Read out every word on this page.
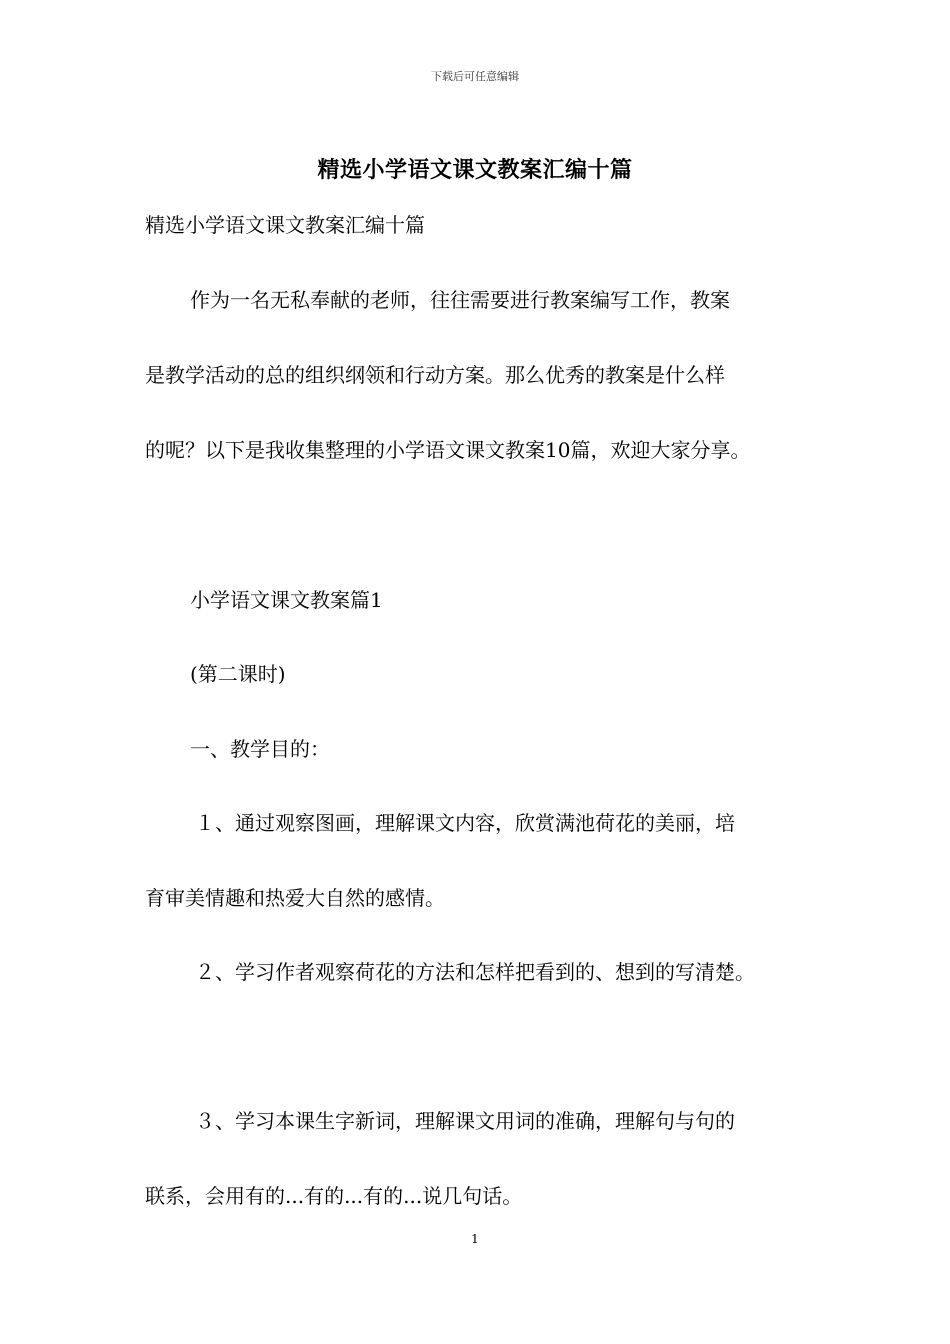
下载后可任意编辑
精选小学语文课文教案汇编十篇
精选小学语文课文教案汇编十篇
作为一名无私奉献的老师，往往需要进行教案编写工作，教案
是教学活动的总的组织纲领和行动方案。那么优秀的教案是什么样
的呢？以下是我收集整理的小学语文课文教案10篇，欢迎大家分享。
小学语文课文教案篇1
(第二课时)
一、教学目的：
１、通过观察图画，理解课文内容，欣赏满池荷花的美丽，培
育审美情趣和热爱大自然的感情。
２、学习作者观察荷花的方法和怎样把看到的、想到的写清楚。
３、学习本课生字新词，理解课文用词的准确，理解句与句的
联系，会用有的...有的...有的...说几句话。
1
